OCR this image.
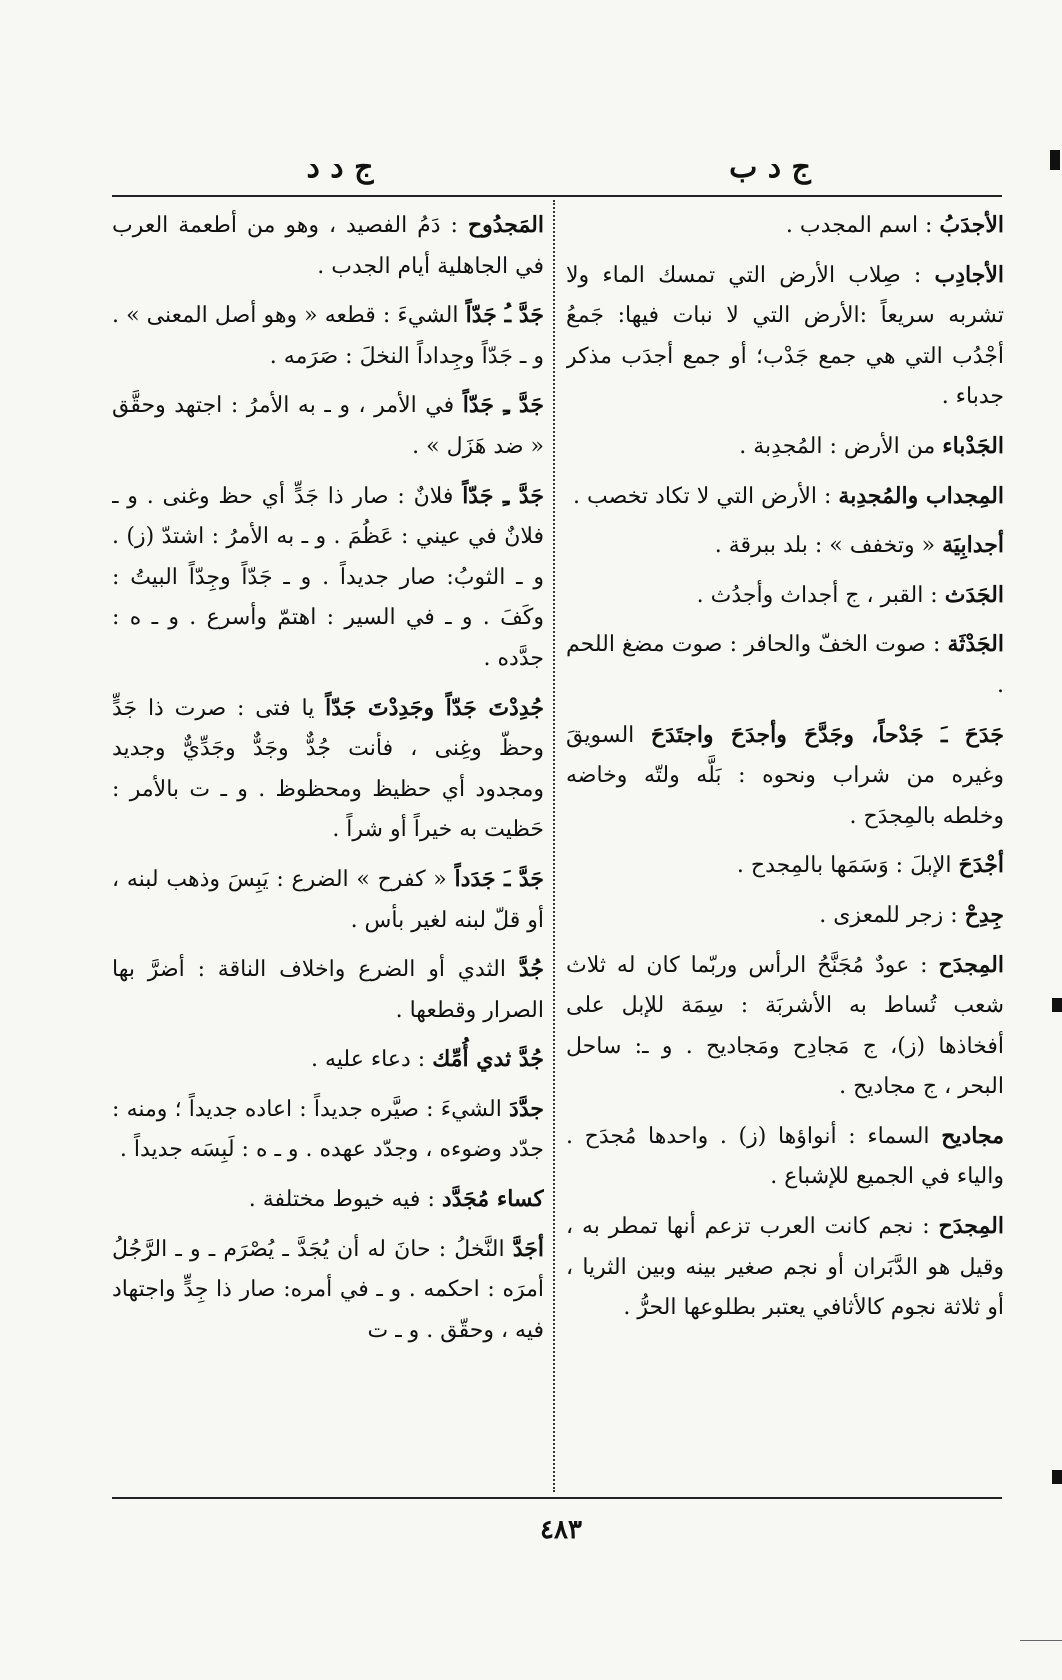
ج د ب
ج د د

الأجدَبُ : اسم المجدب .

الأجادِب : صِلاب الأرض التي تمسك الماء ولا تشربه سريعاً :الأرض التي لا نبات فيها: جَمعُ أجْدُب التي هي جمع جَدْب؛ أو جمع أجدَب مذكر جدباء .

الجَدْباء من الأرض : المُجدِبة .

المِجداب والمُجدِبة : الأرض التي لا تكاد تخصب .

أجدابِيَة « وتخفف » : بلد ببرقة .

الجَدَث : القبر ، ج أجداث وأجدُث .

الجَدْثَة : صوت الخفّ والحافر : صوت مضغ اللحم .

جَدَحَ ـَ جَدْحاً، وجَدَّحَ وأجدَحَ واجتَدَحَ السويقَ وغيره من شراب ونحوه : بَلَّه ولتّه وخاضه وخلطه بالمِجدَح .

أجْدَحَ الإبلَ : وَسَمَها بالمِجدح .

جِدِحْ : زجر للمعزى .

المِجدَح : عودٌ مُجَنَّحُ الرأس وربّما كان له ثلاث شعب تُساط به الأشربَة : سِمَة للإبل على أفخاذها (ز)، ج مَجادِح ومَجاديح . و ـ: ساحل البحر ، ج مجاديح .

مجاديح السماء : أنواؤها (ز) . واحدها مُجدَح . والياء في الجميع للإشباع .

المِجدَح : نجم كانت العرب تزعم أنها تمطر به ، وقيل هو الدَّبَران أو نجم صغير بينه وبين الثريا ، أو ثلاثة نجوم كالأثافي يعتبر بطلوعها الحرُّ .

المَجدُوح : دَمُ الفصيد ، وهو من أطعمة العرب في الجاهلية أيام الجدب .

جَدَّ ـُ جَدّاً الشيءَ : قطعه « وهو أصل المعنى » . و ـ جَدّاً وجِداداً النخلَ : صَرَمه .

جَدَّ ـِ جَدّاً في الأمر ، و ـ به الأمرُ : اجتهد وحقَّق « ضد هَزَل » .

جَدَّ ـِ جَدّاً فلانٌ : صار ذا جَدٍّ أي حظ وغنى . و ـ فلانٌ في عيني : عَظُمَ . و ـ به الأمرُ : اشتدّ (ز) . و ـ الثوبُ: صار جديداً . و ـ جَدّاً وجِدّاً البيتُ : وكَفَ . و ـ في السير : اهتمّ وأسرع . و ـ ه : جدَّده .

جُدِدْتَ جَدّاً وجَدِدْتَ جَدّاً يا فتى : صرت ذا جَدٍّ وحظّ وغِنى ، فأنت جُدٌّ وجَدٌّ وجَدِّيٌّ وجديد ومجدود أي حظيظ ومحظوظ . و ـ ت بالأمر : حَظيت به خيراً أو شراً .

جَدَّ ـَ جَدَداً « كفرح » الضرع : يَبِسَ وذهب لبنه ، أو قلّ لبنه لغير بأس .

جُدَّ الثدي أو الضرع واخلاف الناقة : أضرَّ بها الصرار وقطعها .

جُدَّ ثدي أُمِّك : دعاء عليه .

جدَّدَ الشيءَ : صيَّره جديداً : اعاده جديداً ؛ ومنه : جدّد وضوءه ، وجدّد عهده . و ـ ه : لَبِسَه جديداً .

كساء مُجَدَّد : فيه خيوط مختلفة .

أجَدَّ النَّخلُ : حانَ له أن يُجَدَّ ـ يُصْرَم ـ و ـ الرَّجُلُ أمرَه : احكمه . و ـ في أمره: صار ذا جِدٍّ واجتهاد فيه ، وحقّق . و ـ ت

٤٨٣
